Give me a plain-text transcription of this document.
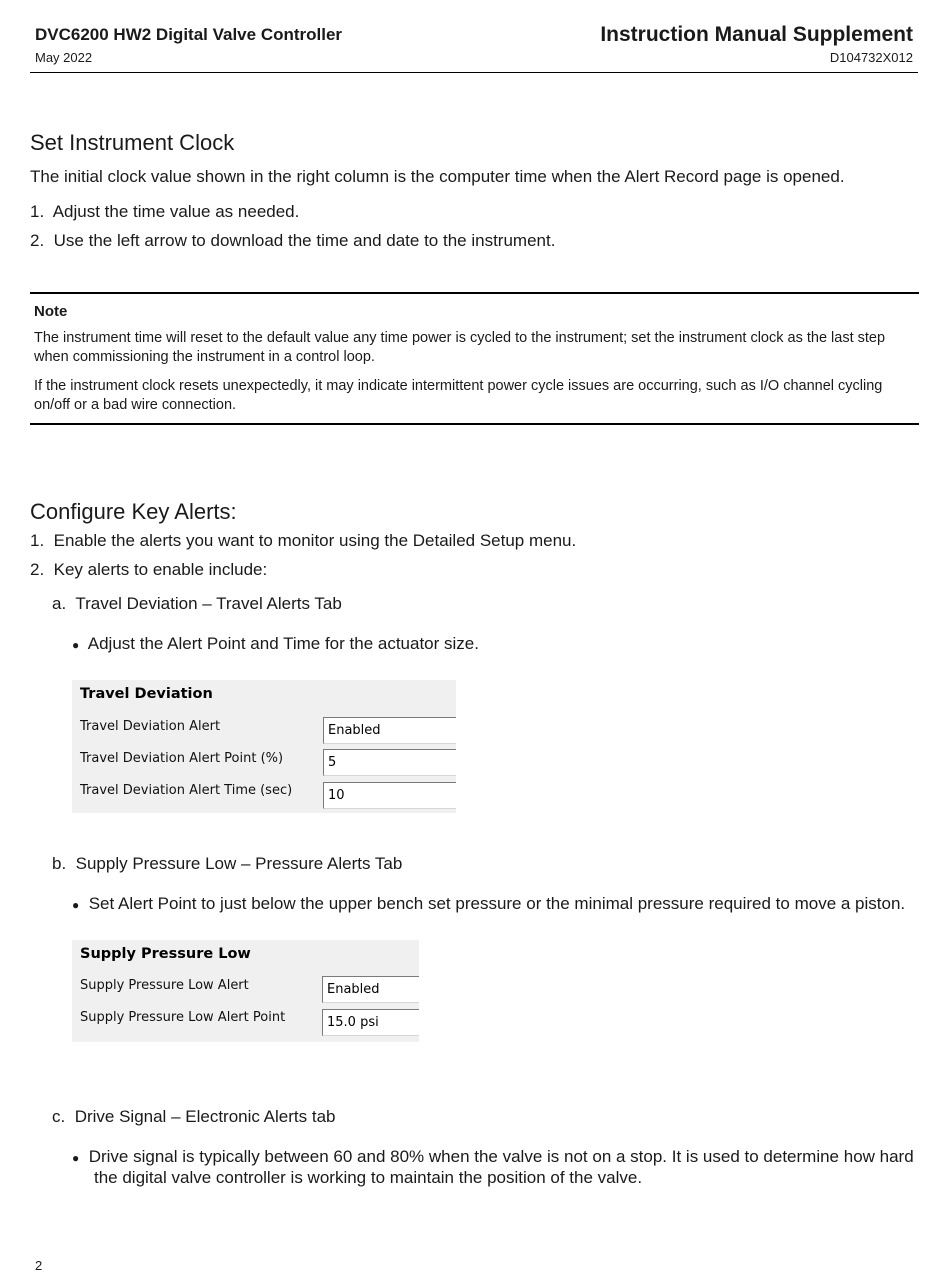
DVC6200 HW2 Digital Valve Controller
May 2022
Instruction Manual Supplement
D104732X012
Set Instrument Clock
The initial clock value shown in the right column is the computer time when the Alert Record page is opened.
1. Adjust the time value as needed.
2. Use the left arrow to download the time and date to the instrument.
Note
The instrument time will reset to the default value any time power is cycled to the instrument; set the instrument clock as the last step when commissioning the instrument in a control loop.
If the instrument clock resets unexpectedly, it may indicate intermittent power cycle issues are occurring, such as I/O channel cycling on/off or a bad wire connection.
Configure Key Alerts:
1. Enable the alerts you want to monitor using the Detailed Setup menu.
2. Key alerts to enable include:
a. Travel Deviation – Travel Alerts Tab
● Adjust the Alert Point and Time for the actuator size.
Travel Deviation
Travel Deviation Alert	Enabled
Travel Deviation Alert Point (%)	5
Travel Deviation Alert Time (sec)	10
b. Supply Pressure Low – Pressure Alerts Tab
● Set Alert Point to just below the upper bench set pressure or the minimal pressure required to move a piston.
Supply Pressure Low
Supply Pressure Low Alert	Enabled
Supply Pressure Low Alert Point	15.0 psi
c. Drive Signal – Electronic Alerts tab
● Drive signal is typically between 60 and 80% when the valve is not on a stop. It is used to determine how hard
the digital valve controller is working to maintain the position of the valve.
2
